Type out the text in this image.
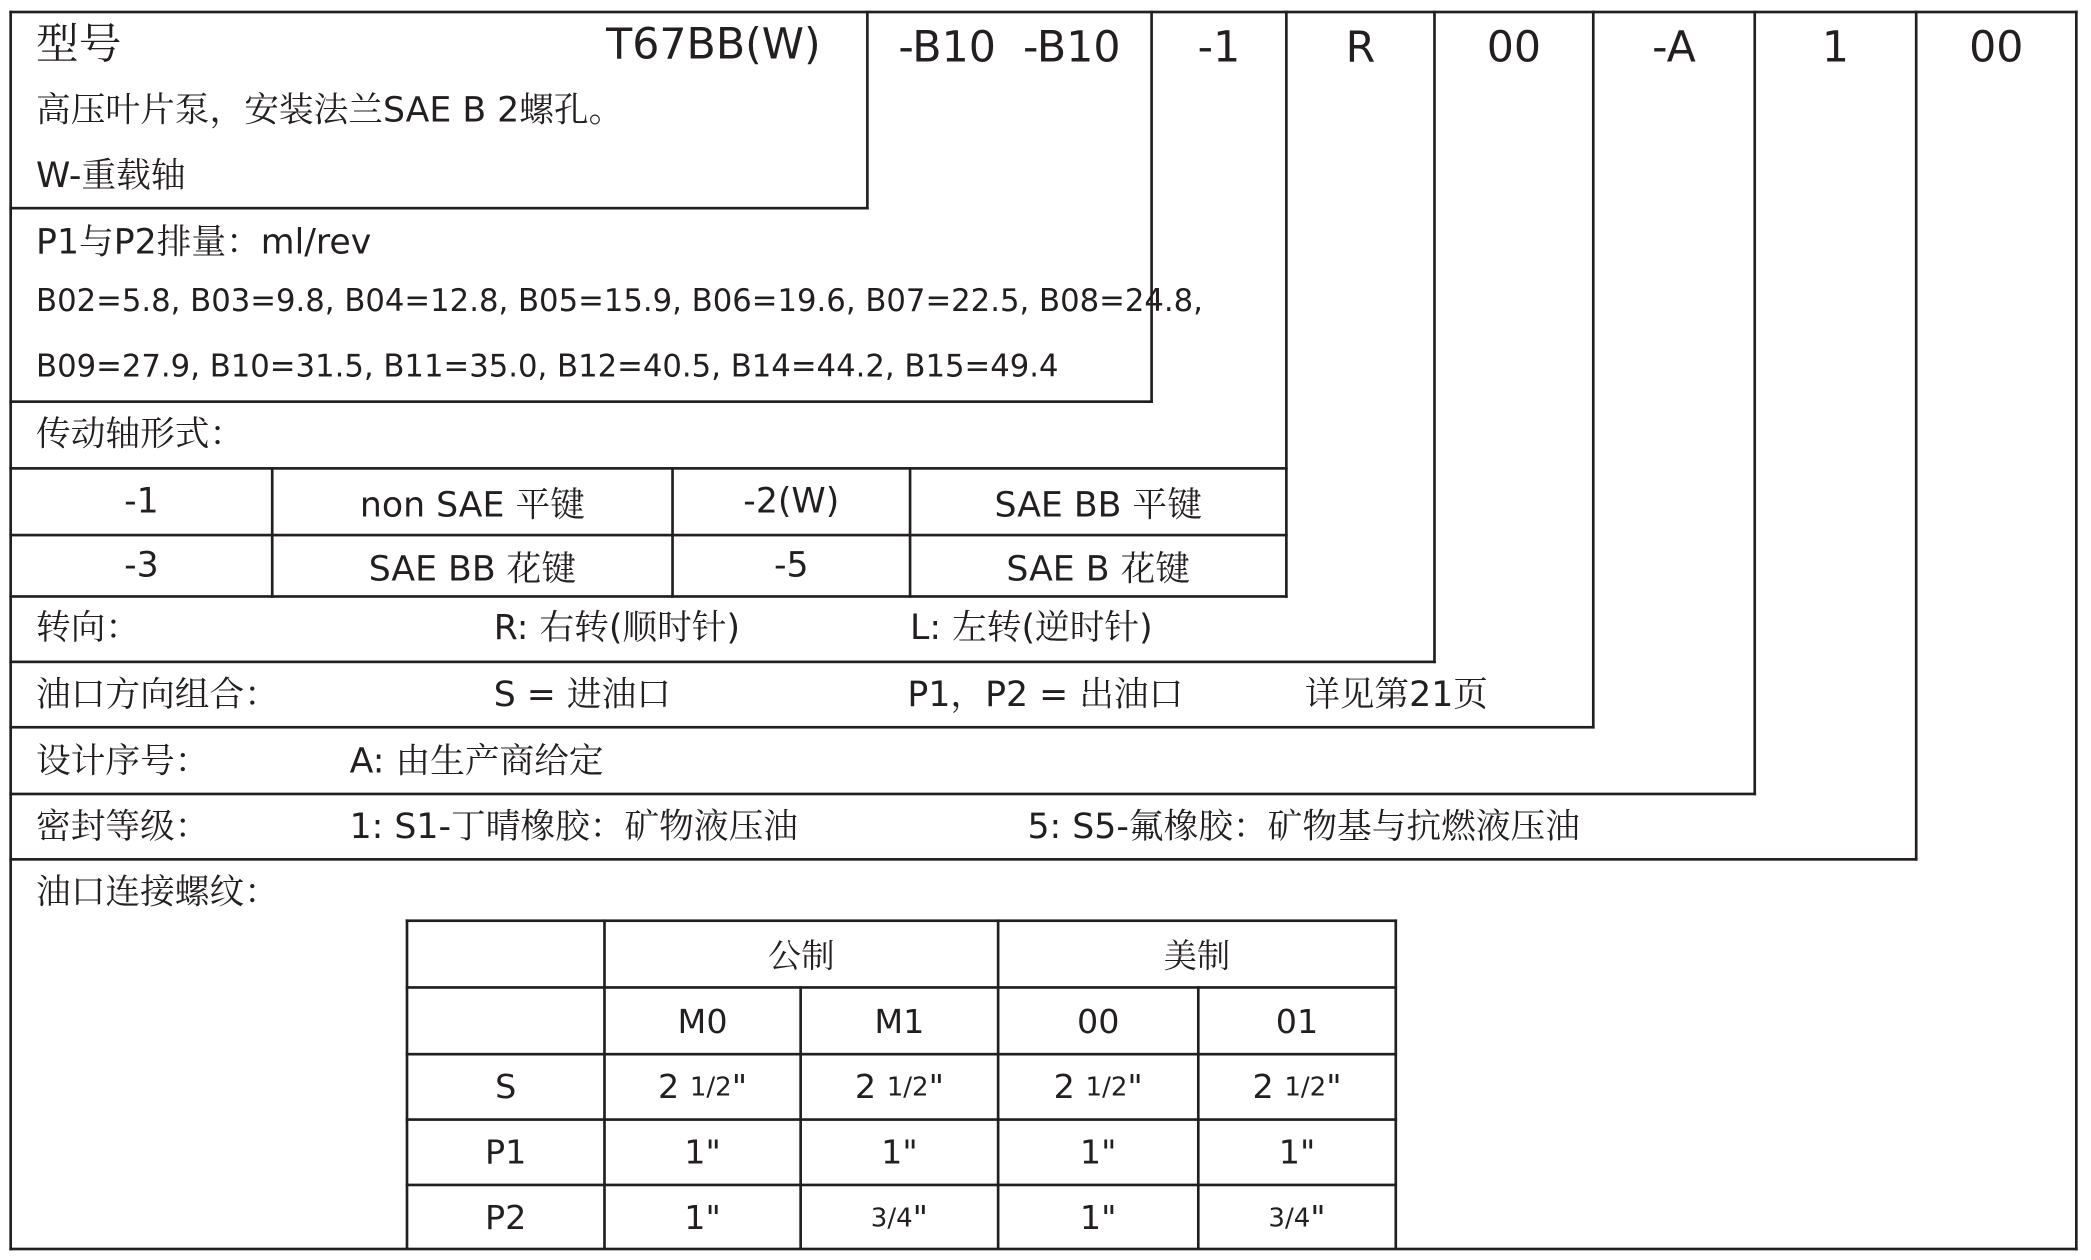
型号	T67BB(W)	-B10  -B10	-1	R	00	-A	1	00
高压叶片泵，安装法兰SAE B 2螺孔。
W-重载轴
P1与P2排量：ml/rev
B02=5.8, B03=9.8, B04=12.8, B05=15.9, B06=19.6, B07=22.5, B08=24.8,
B09=27.9, B10=31.5, B11=35.0, B12=40.5, B14=44.2, B15=49.4
传动轴形式：
-1	non SAE 平键	-2(W)	SAE BB 平键
-3	SAE BB 花键	-5	SAE B 花键
转向：	R: 右转(顺时针)	L: 左转(逆时针)
油口方向组合：	S = 进油口	P1，P2 = 出油口	详见第21页
设计序号：	A: 由生产商给定
密封等级：	1: S1-丁晴橡胶：矿物液压油	5: S5-氟橡胶：矿物基与抗燃液压油
油口连接螺纹：
公制	美制
M0	M1	00	01
S	2
1/2 "	2
1/2 "	2
1/2 "	2
1/2 "
P1	1 "	1 "	1 "	1 "
P2	1 "	3/4 "	1 "	3/4 "
